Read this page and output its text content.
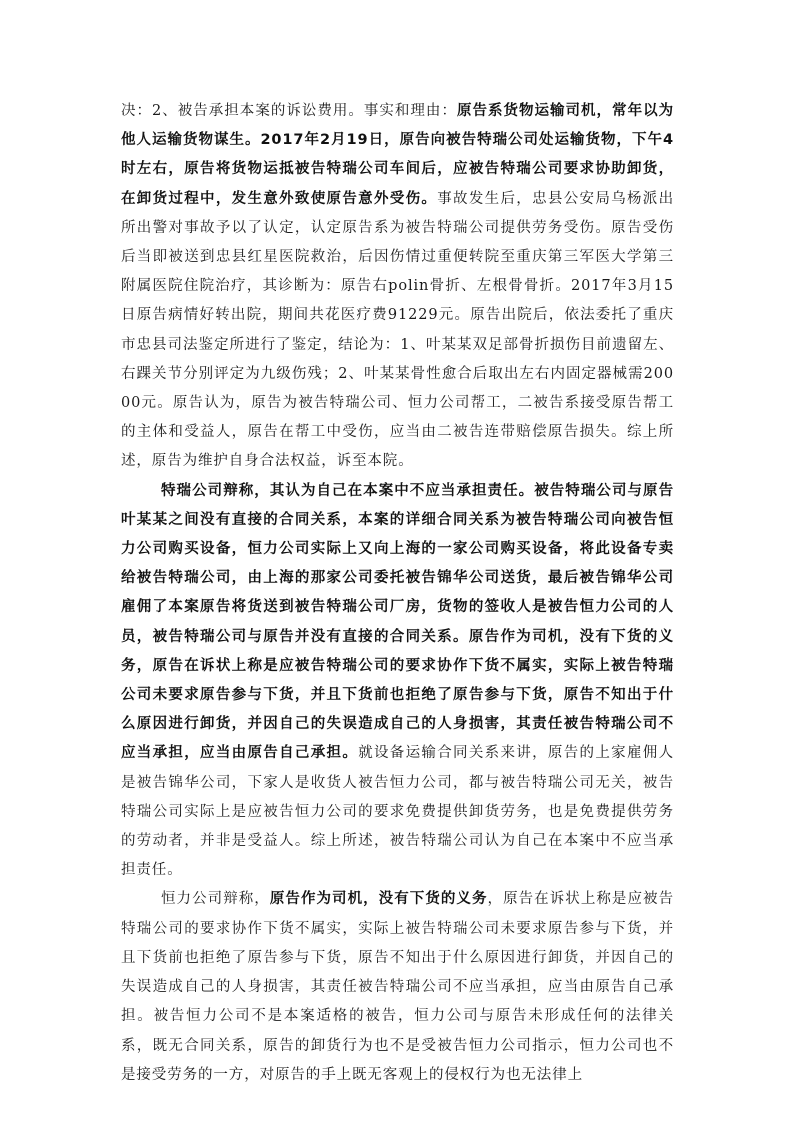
决：2、被告承担本案的诉讼费用。事实和理由：原告系货物运输司机，常年以为他人运输货物谋生。2017年2月19日，原告向被告特瑞公司处运输货物，下午4时左右，原告将货物运抵被告特瑞公司车间后，应被告特瑞公司要求协助卸货，在卸货过程中，发生意外致使原告意外受伤。事故发生后，忠县公安局乌杨派出所出警对事故予以了认定，认定原告系为被告特瑞公司提供劳务受伤。原告受伤后当即被送到忠县红星医院救治，后因伤情过重便转院至重庆第三军医大学第三附属医院住院治疗，其诊断为：原告右polin骨折、左根骨骨折。2017年3月15日原告病情好转出院，期间共花医疗费91229元。原告出院后，依法委托了重庆市忠县司法鉴定所进行了鉴定，结论为：1、叶某某双足部骨折损伤目前遗留左、右踝关节分别评定为九级伤残；2、叶某某骨性愈合后取出左右内固定器械需20000元。原告认为，原告为被告特瑞公司、恒力公司帮工，二被告系接受原告帮工的主体和受益人，原告在帮工中受伤，应当由二被告连带赔偿原告损失。综上所述，原告为维护自身合法权益，诉至本院。

特瑞公司辩称，其认为自己在本案中不应当承担责任。被告特瑞公司与原告叶某某之间没有直接的合同关系，本案的详细合同关系为被告特瑞公司向被告恒力公司购买设备，恒力公司实际上又向上海的一家公司购买设备，将此设备专卖给被告特瑞公司，由上海的那家公司委托被告锦华公司送货，最后被告锦华公司雇佣了本案原告将货送到被告特瑞公司厂房，货物的签收人是被告恒力公司的人员，被告特瑞公司与原告并没有直接的合同关系。原告作为司机，没有下货的义务，原告在诉状上称是应被告特瑞公司的要求协作下货不属实，实际上被告特瑞公司未要求原告参与下货，并且下货前也拒绝了原告参与下货，原告不知出于什么原因进行卸货，并因自己的失误造成自己的人身损害，其责任被告特瑞公司不应当承担，应当由原告自己承担。就设备运输合同关系来讲，原告的上家雇佣人是被告锦华公司，下家人是收货人被告恒力公司，都与被告特瑞公司无关，被告特瑞公司实际上是应被告恒力公司的要求免费提供卸货劳务，也是免费提供劳务的劳动者，并非是受益人。综上所述，被告特瑞公司认为自己在本案中不应当承担责任。

恒力公司辩称，原告作为司机，没有下货的义务，原告在诉状上称是应被告特瑞公司的要求协作下货不属实，实际上被告特瑞公司未要求原告参与下货，并且下货前也拒绝了原告参与下货，原告不知出于什么原因进行卸货，并因自己的失误造成自己的人身损害，其责任被告特瑞公司不应当承担，应当由原告自己承担。被告恒力公司不是本案适格的被告，恒力公司与原告未形成任何的法律关系，既无合同关系，原告的卸货行为也不是受被告恒力公司指示，恒力公司也不是接受劳务的一方，对原告的手上既无客观上的侵权行为也无法律上
